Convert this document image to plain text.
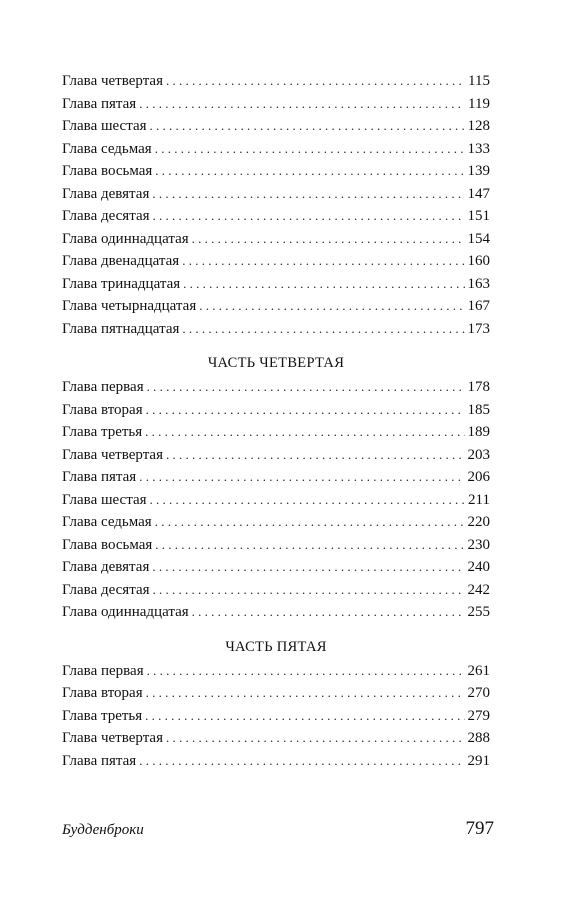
Глава четвертая . . .	115
Глава пятая . . .	119
Глава шестая . . .	128
Глава седьмая . . .	133
Глава восьмая . . .	139
Глава девятая . . .	147
Глава десятая . . .	151
Глава одиннадцатая . . .	154
Глава двенадцатая . . .	160
Глава тринадцатая . . .	163
Глава четырнадцатая . . .	167
Глава пятнадцатая . . .	173
ЧАСТЬ ЧЕТВЕРТАЯ
Глава первая . . .	178
Глава вторая . . .	185
Глава третья . . .	189
Глава четвертая . . .	203
Глава пятая . . .	206
Глава шестая . . .	211
Глава седьмая . . .	220
Глава восьмая . . .	230
Глава девятая . . .	240
Глава десятая . . .	242
Глава одиннадцатая . . .	255
ЧАСТЬ ПЯТАЯ
Глава первая . . .	261
Глава вторая . . .	270
Глава третья . . .	279
Глава четвертая . . .	288
Глава пятая . . .	291
Будденброки	797
